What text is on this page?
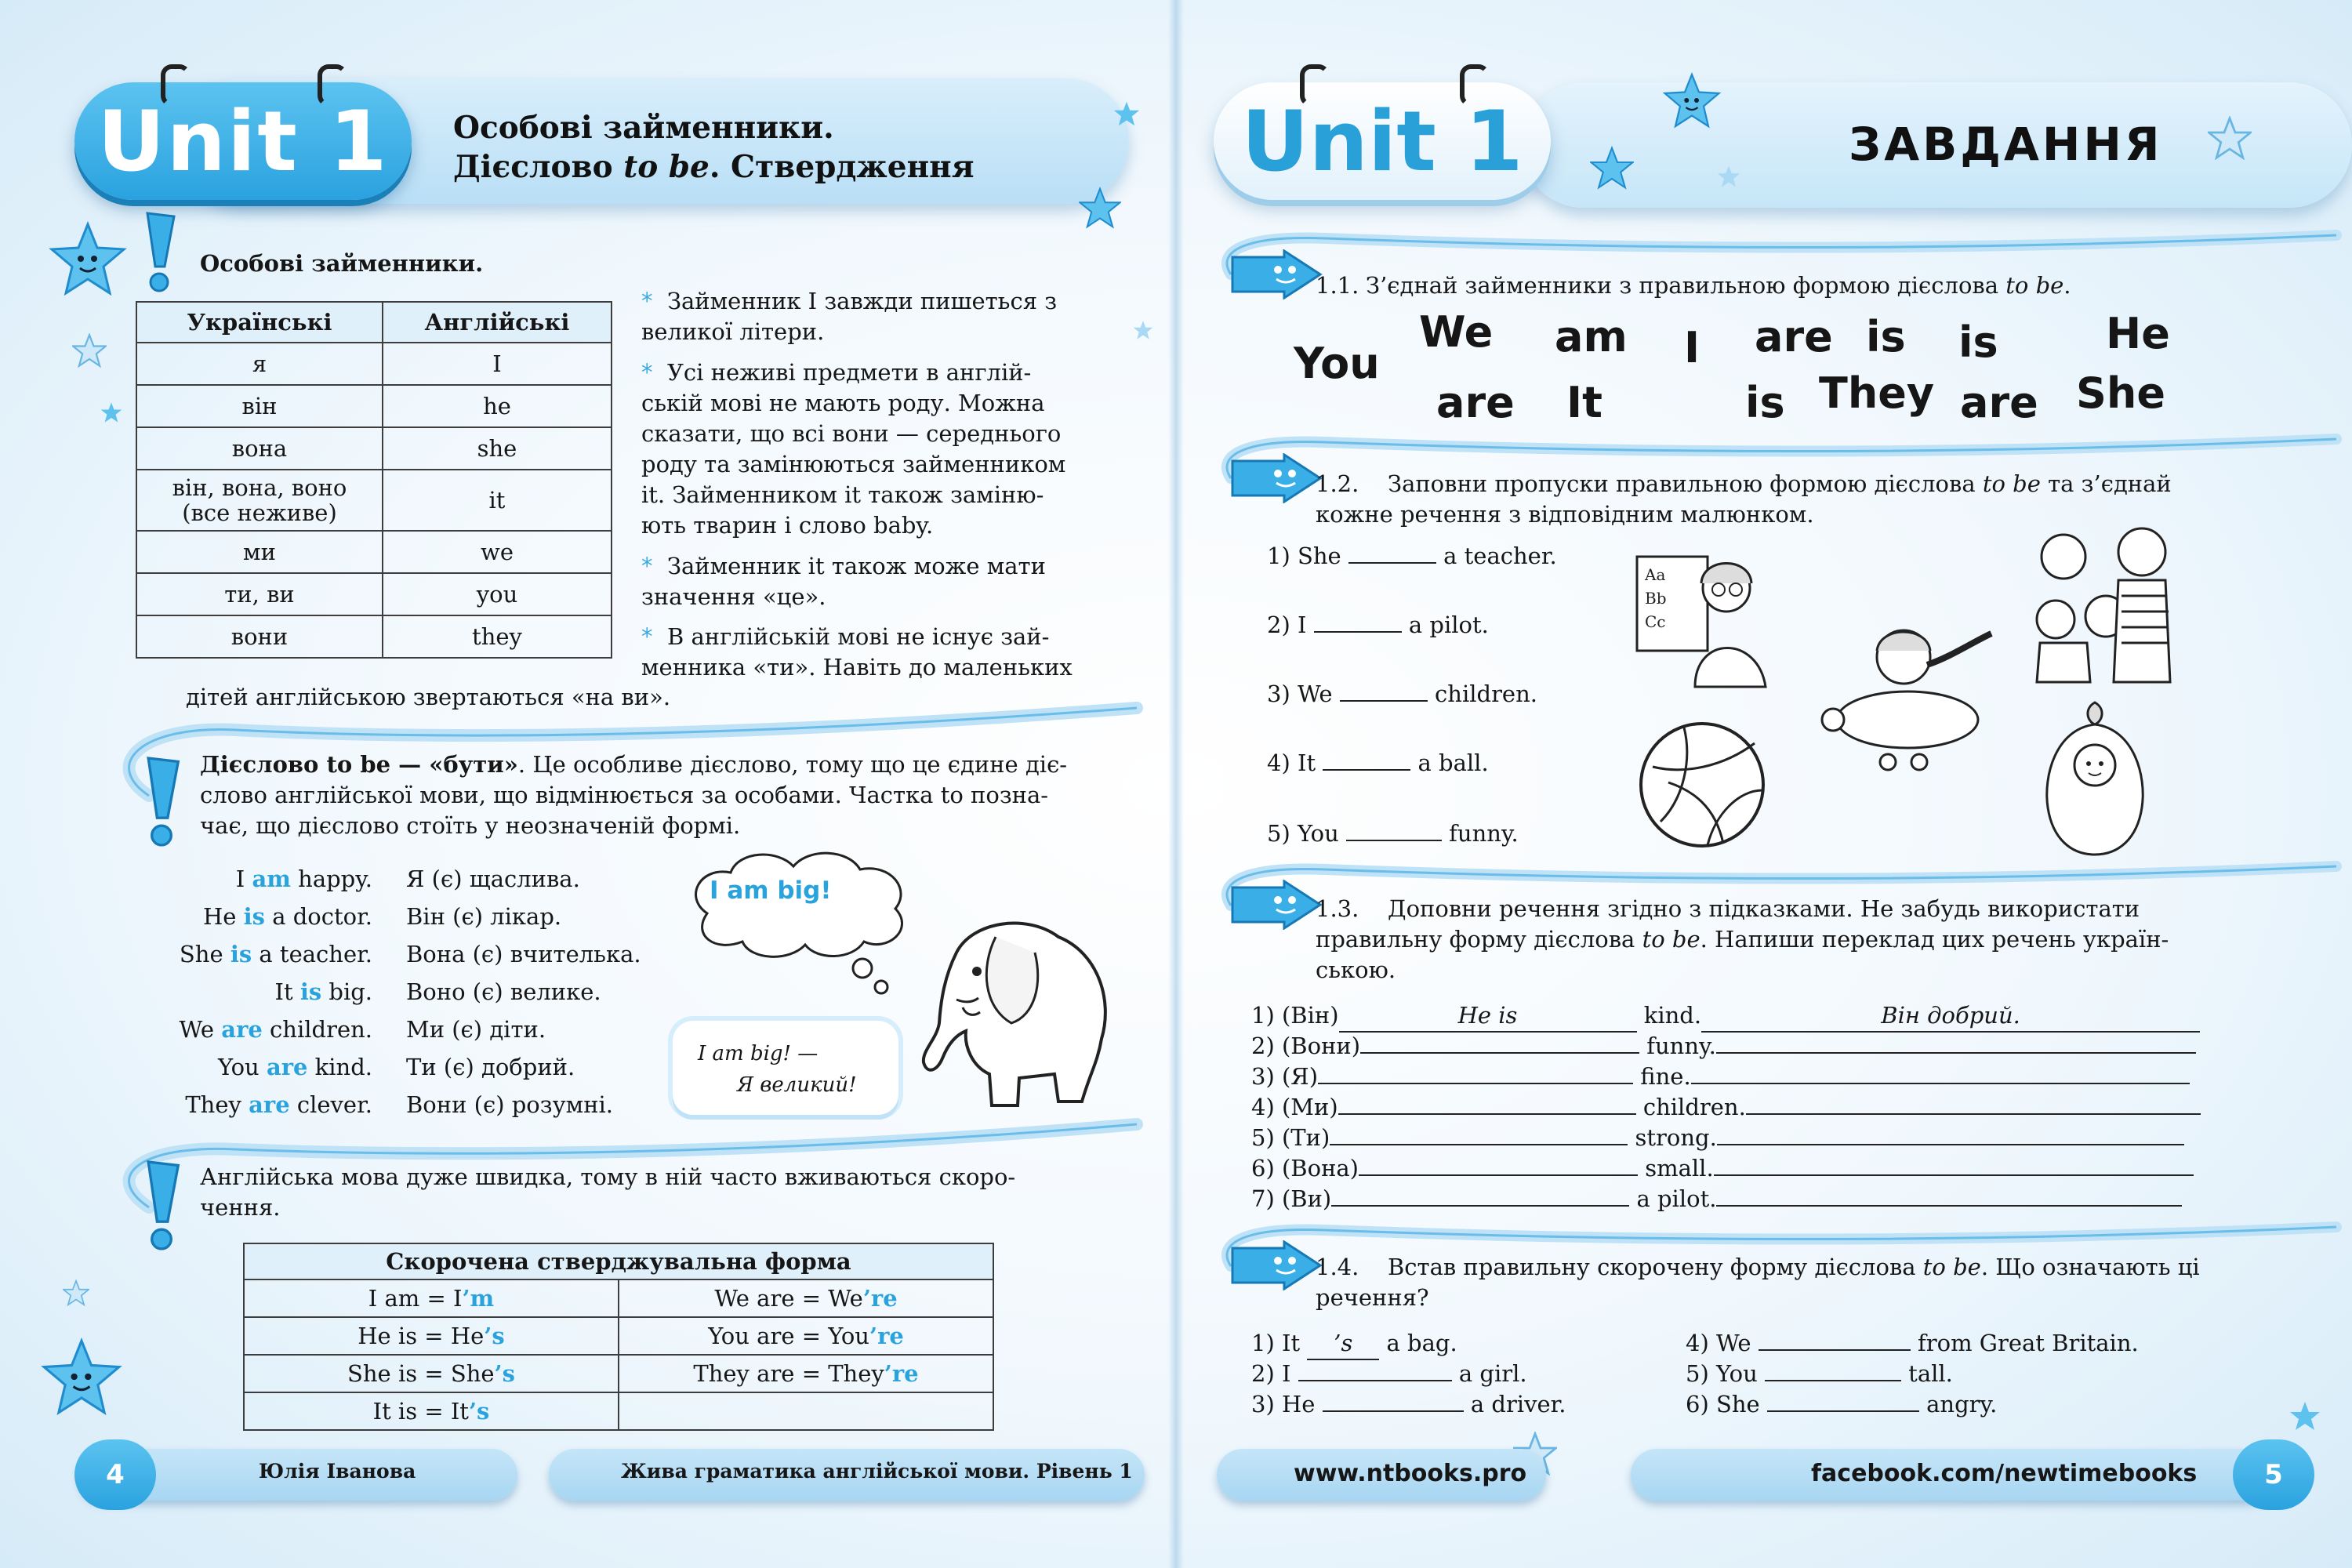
Unit 1	Особові займенники.
Дієслово to be. Ствердження
Особові займенники.
Українські	Англійські
я	I
він	he
вона	she
він, вона, воно
(все неживе)	it
ми	we
ти, ви	you
вони	they
* Займенник I завжди пишеться з
великої літери.
* Усі неживі предмети в англій-
ській мові не мають роду. Можна
сказати, що всі вони — середнього
роду та замінюються займенником
it. Займенником it також заміню-
ють тварин і слово baby.
* Займенник it також може мати
значення «це».
* В англійській мові не існує зай-
менника «ти». Навіть до маленьких
дітей англійською звертаються «на ви».
Дієслово to be — «бути». Це особливе дієслово, тому що це єдине діє-
слово англійської мови, що відмінюється за особами. Частка to позна-
чає, що дієслово стоїть у неозначеній формі.
I am happy. Я (є) щаслива.
He is a doctor. Він (є) лікар.
She is a teacher. Вона (є) вчителька.
It is big. Воно (є) велике.
We are children. Ми (є) діти.
You are kind. Ти (є) добрий.
They are clever. Вони (є) розумні.
I am big!
I am big! —
Я великий!
Англійська мова дуже швидка, тому в ній часто вживаються скоро-
чення.
Скорочена стверджувальна форма	
I am = I’m	We are = We’re
He is = He’s	You are = You’re
She is = She’s	They are = They’re
It is = It’s	
4	Юлія Іванова	Жива граматика англійської мови. Рівень 1
Unit 1	ЗАВДАННЯ
1.1. З’єднай займенники з правильною формою дієслова to be.
You
We
are
am
It
I are
is
is
They
is
are
He
She
1.2. Заповни пропуски правильною формою дієслова to be та з’єднай
кожне речення з відповідним малюнком.
1) She	a teacher.
2) I	a pilot.
3) We	children.
4) It	a ball.
5) You	funny.
Aa
Bb
Cc
1.3. Доповни речення згідно з підказками. Не забудь використати
правильну форму дієслова to be. Напиши переклад цих речень україн-
ською.
1) (Він)	He is	kind.	Він добрий.
2) (Вони)	funny.
3) (Я)	fine.
4) (Ми)	children.
5) (Ти)	strong.
6) (Вона)	small.
7) (Ви)	a pilot.
1.4. Встав правильну скорочену форму дієслова to be. Що означають ці
речення?
1) It ’s a bag.
2) I	a girl.
3) He	a driver.
4) We	from Great Britain.
5) You	tall.
6) She	angry.
www.ntbooks.pro	facebook.com/newtimebooks	5
